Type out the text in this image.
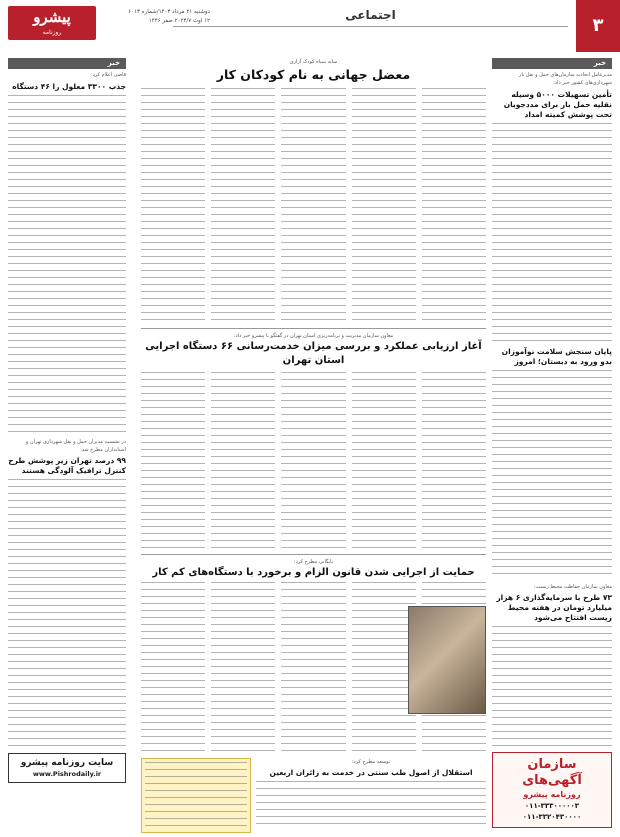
۳
اجتماعی
دوشنبه ۲۱ مرداد ۱۴۰۳/شماره ۶۰۱۳
۱۲ اوت ۲۰۲۴/۷ صفر ۱۴۴۶
پیشرو
روزنامه
خبر
مدیرعامل اتحادیه سازمان‌های حمل و نقل بار شهرداری‌های کشور خبر داد:
تأمین تسهیلات ۵۰۰۰ وسیله نقلیه حمل بار برای مددجویان تحت پوشش کمیته امداد
پایان سنجش سلامت نوآموزان بدو ورود به دبستان؛ امروز
معاون سازمان حفاظت محیط زیست:
۷۳ طرح با سرمایه‌گذاری ۶ هزار میلیارد تومان در هفته محیط زیست افتتاح می‌شود
سازمان آگهی‌های
روزنامه پیشرو
۰۱۱-۳۳۳۰۰۰۰۰۳
۰۱۱-۳۳۲۰۴۳۰۰۰۰
خبر
قاضی اعلام کرد:
جذب ۳۳۰۰ معلول را ۴۶ دستگاه
در نشست مدیران حمل و نقل شهرداری تهران و استانداران مطرح شد:
۹۹ درصد تهران زیر پوشش طرح کنترل ترافیک آلودگی هستند
سایت روزنامه پیشرو
www.Pishrodaily.ir
سایه سیاه کودک آزاری
معضل جهانی به نام کودکان کار
معاون سازمان مدیریت و برنامه‌ریزی استان تهران در گفتگو با پیشرو خبر داد:
آغاز ارزیابی عملکرد و بررسی میزان خدمت‌رسانی ۶۶ دستگاه اجرایی استان تهران
بایگانی مطرح کرد:
حمایت از اجرایی شدن قانون الزام و برخورد با دستگاه‌های کم کار
توسعه مطرح کرد:
استقلال از اصول طب سنتی در خدمت به زائران اربعین
